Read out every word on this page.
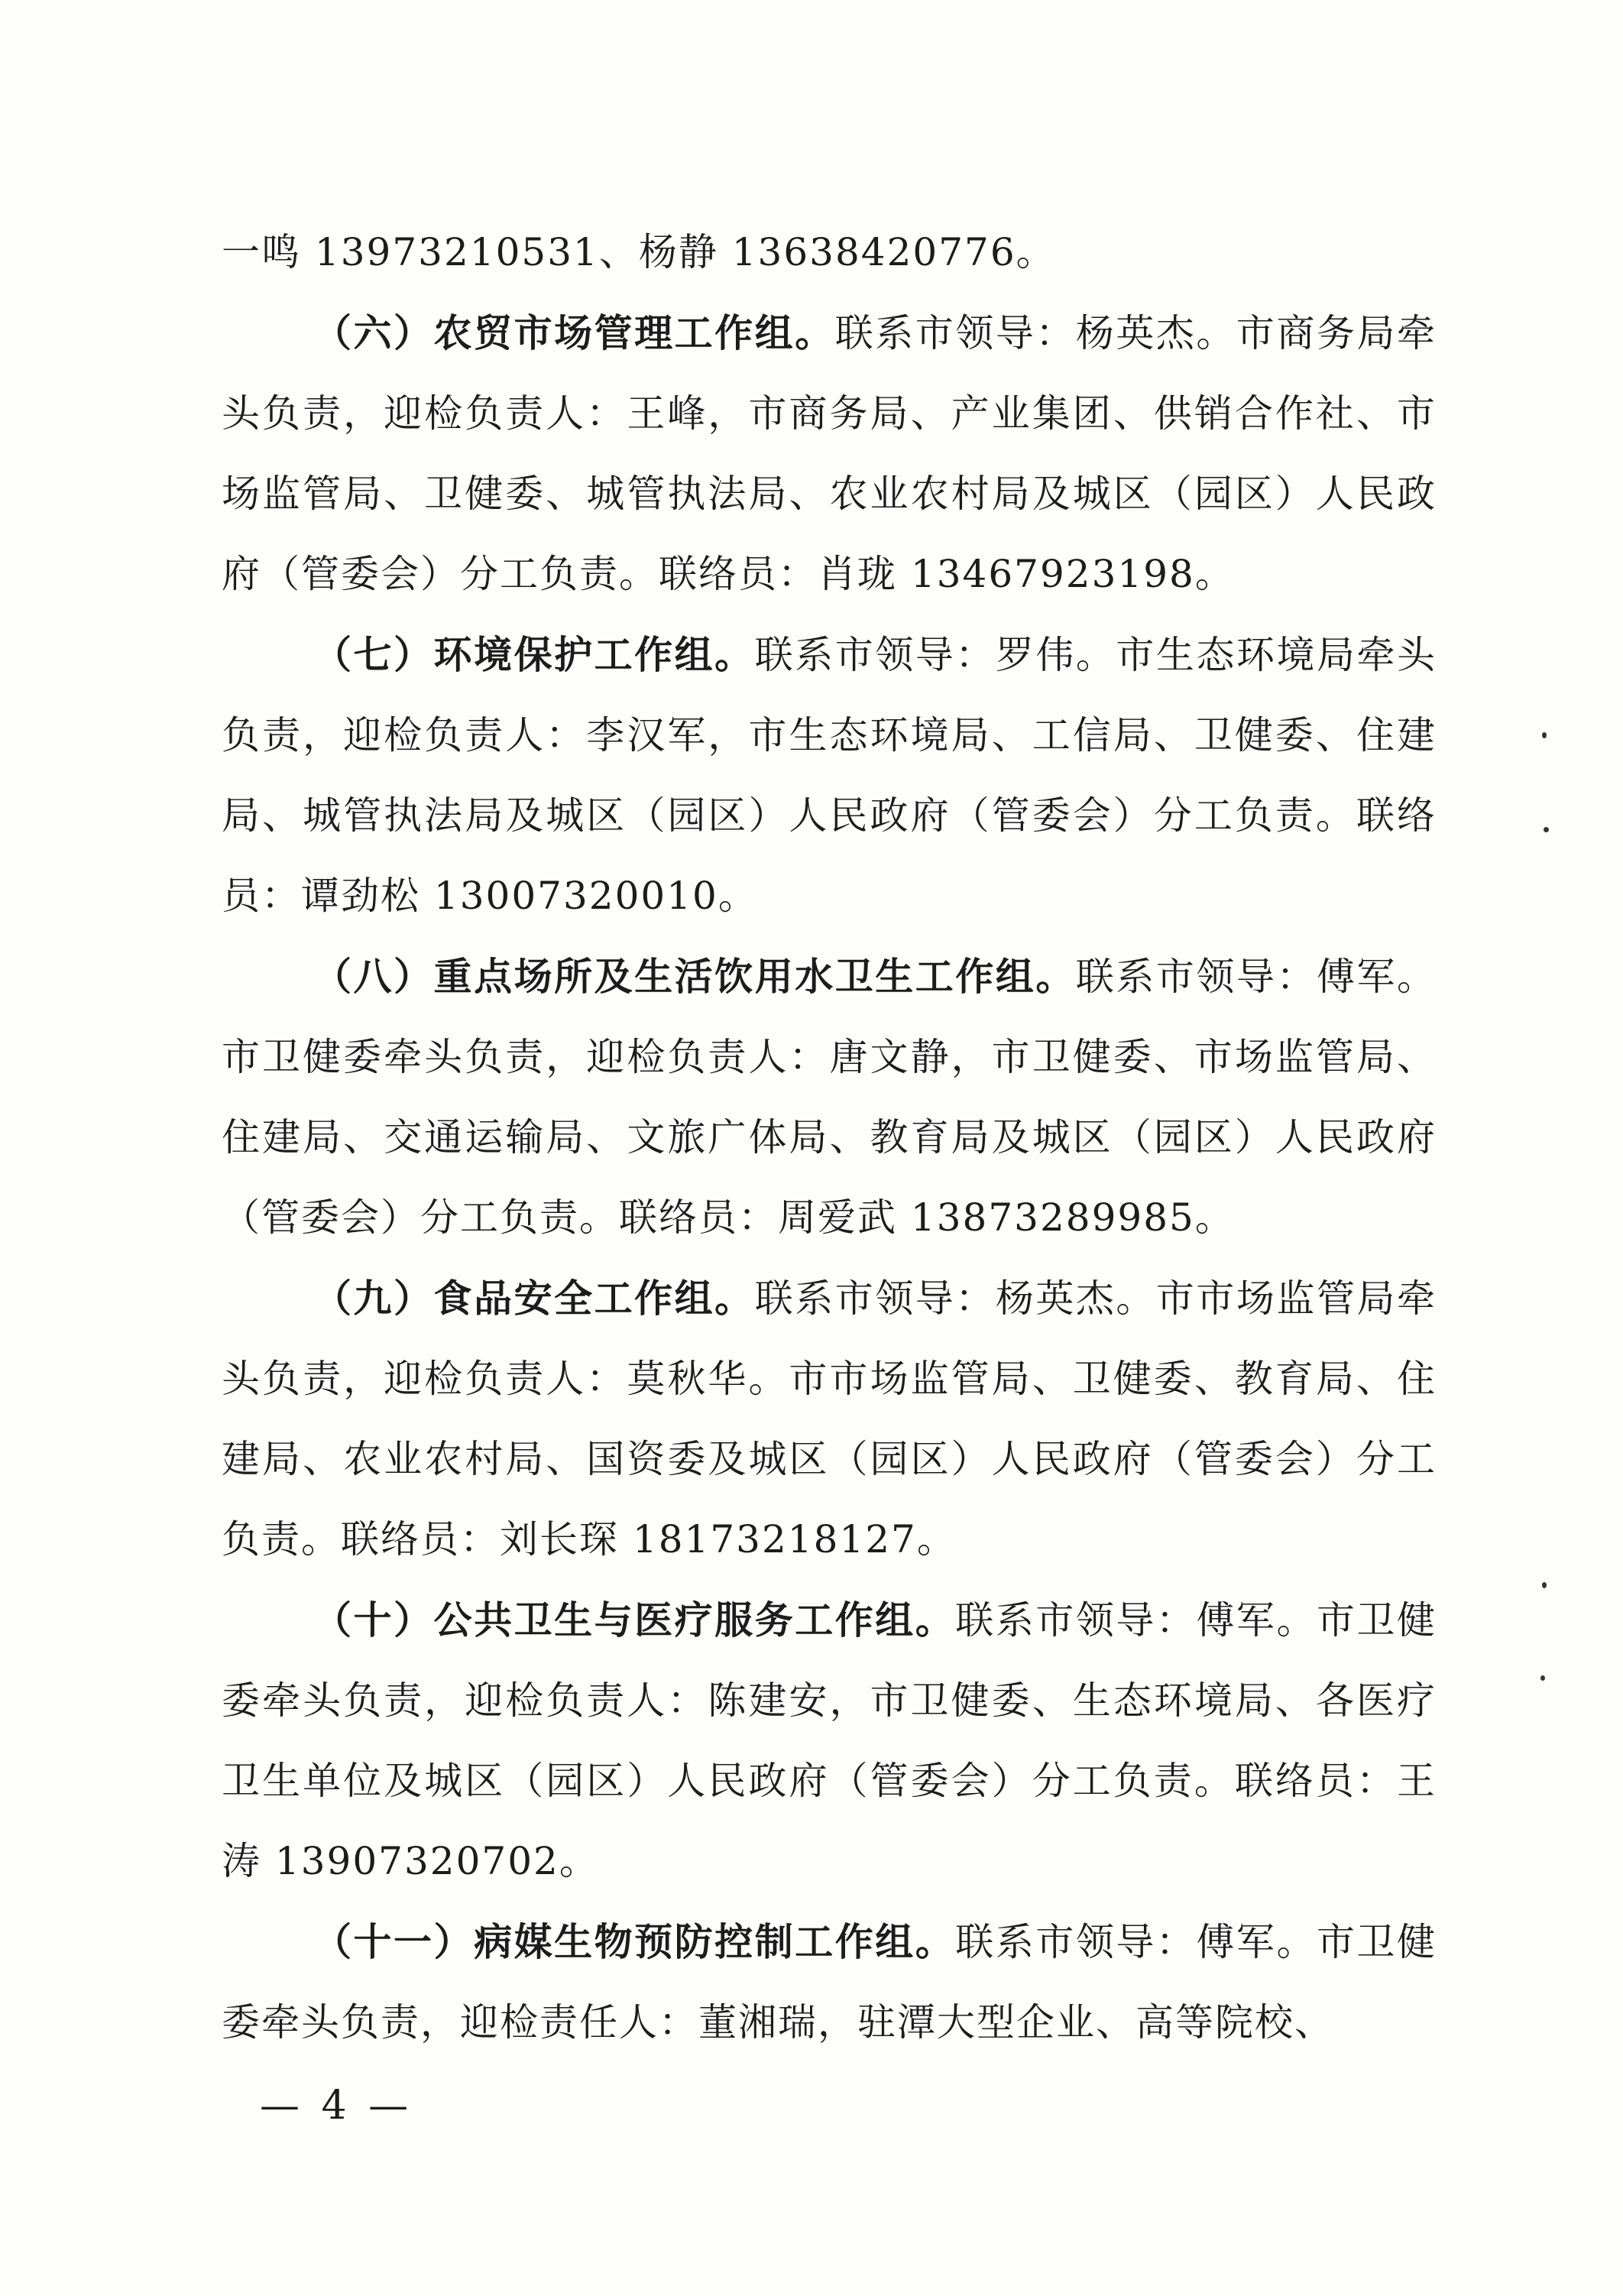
一鸣 13973210531、杨静 13638420776。

（六）农贸市场管理工作组。联系市领导：杨英杰。市商务局牵头负责，迎检负责人：王峰，市商务局、产业集团、供销合作社、市场监管局、卫健委、城管执法局、农业农村局及城区（园区）人民政府（管委会）分工负责。联络员：肖珑 13467923198。

（七）环境保护工作组。联系市领导：罗伟。市生态环境局牵头负责，迎检负责人：李汉军，市生态环境局、工信局、卫健委、住建局、城管执法局及城区（园区）人民政府（管委会）分工负责。联络员：谭劲松 13007320010。

（八）重点场所及生活饮用水卫生工作组。联系市领导：傅军。市卫健委牵头负责，迎检负责人：唐文静，市卫健委、市场监管局、住建局、交通运输局、文旅广体局、教育局及城区（园区）人民政府（管委会）分工负责。联络员：周爱武 13873289985。

（九）食品安全工作组。联系市领导：杨英杰。市市场监管局牵头负责，迎检负责人：莫秋华。市市场监管局、卫健委、教育局、住建局、农业农村局、国资委及城区（园区）人民政府（管委会）分工负责。联络员：刘长琛 18173218127。

（十）公共卫生与医疗服务工作组。联系市领导：傅军。市卫健委牵头负责，迎检负责人：陈建安，市卫健委、生态环境局、各医疗卫生单位及城区（园区）人民政府（管委会）分工负责。联络员：王涛 13907320702。

（十一）病媒生物预防控制工作组。联系市领导：傅军。市卫健委牵头负责，迎检责任人：董湘瑞，驻潭大型企业、高等院校、

— 4 —
